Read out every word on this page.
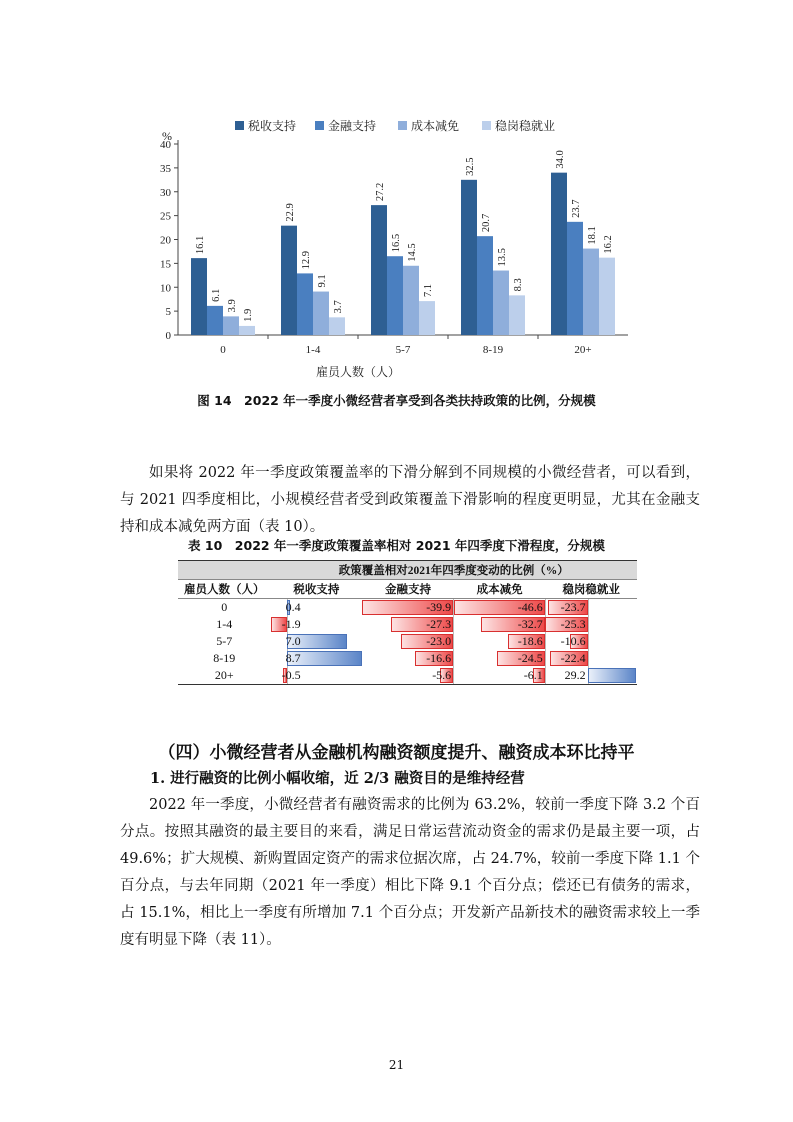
税收支持	金融支持	成本减免	稳岗稳就业
%
0
5
10
15
20
25
30
35
40
16.1
6.1
3.9
1.9
0
22.9
12.9
9.1
3.7
1-4
27.2
16.5
14.5
7.1
5-7
32.5
20.7
13.5
8.3
8-19
34.0
23.7
18.1 16.2
20+
雇员人数（人）
图 14　2022 年一季度小微经营者享受到各类扶持政策的比例，分规模

如果将 2022 年一季度政策覆盖率的下滑分解到不同规模的小微经营者，可以看到，与 2021 四季度相比，小规模经营者受到政策覆盖下滑影响的程度更明显，尤其在金融支持和成本减免两方面（表 10）。

表 10　2022 年一季度政策覆盖率相对 2021 年四季度下滑程度，分规模
	政策覆盖相对2021年四季度变动的比例（%）			
雇员人数（人）	税收支持	金融支持	成本减免	稳岗稳就业
0	0.4	-39.9	-46.6	-23.7

1-4	-1.9	-27.3	-32.7	-25.3

5-7	7.0	-23.0	-18.6	-10.6

8-19	8.7	-16.6	-24.5	-22.4

20+	-0.5	-5.6	-6.1	29.2
（四）小微经营者从金融机构融资额度提升、融资成本环比持平
1. 进行融资的比例小幅收缩，近 2/3 融资目的是维持经营

2022 年一季度，小微经营者有融资需求的比例为 63.2%，较前一季度下降 3.2 个百分点。按照其融资的最主要目的来看，满足日常运营流动资金的需求仍是最主要一项，占 49.6%；扩大规模、新购置固定资产的需求位据次席，占 24.7%，较前一季度下降 1.1 个百分点，与去年同期（2021 年一季度）相比下降 9.1 个百分点；偿还已有债务的需求，占 15.1%，相比上一季度有所增加 7.1 个百分点；开发新产品新技术的融资需求较上一季度有明显下降（表 11）。

21
